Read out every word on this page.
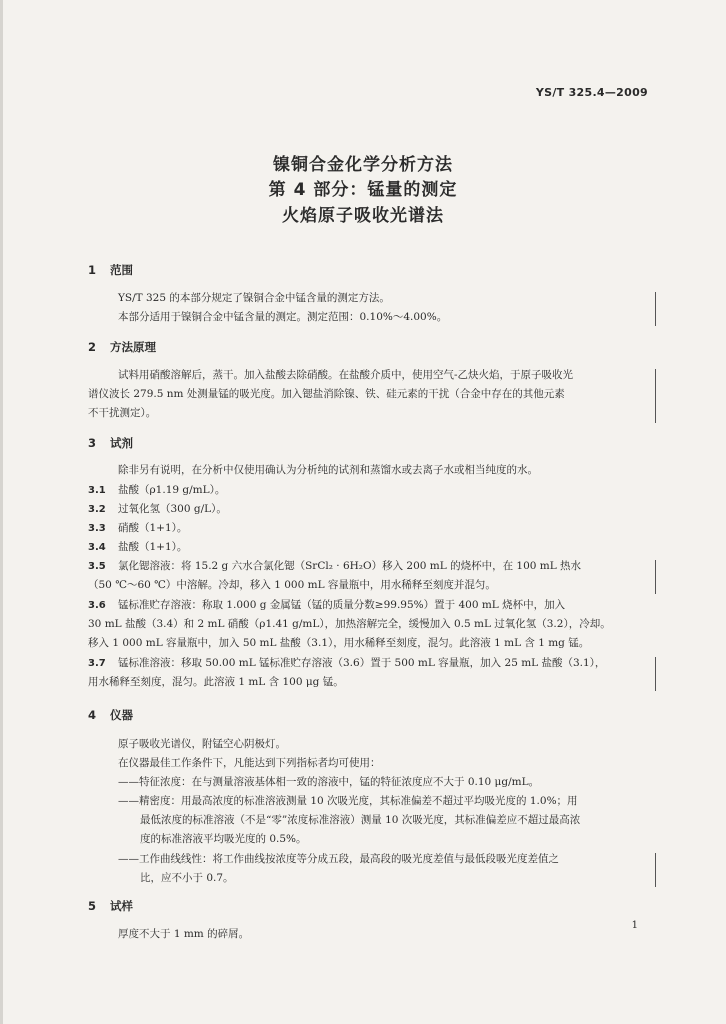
YS/T 325.4—2009
镍铜合金化学分析方法
第 4 部分：锰量的测定
火焰原子吸收光谱法
1 范围
YS/T 325 的本部分规定了镍铜合金中锰含量的测定方法。
本部分适用于镍铜合金中锰含量的测定。测定范围：0.10%～4.00%。
2 方法原理
试料用硝酸溶解后，蒸干。加入盐酸去除硝酸。在盐酸介质中，使用空气-乙炔火焰，于原子吸收光
谱仪波长 279.5 nm 处测量锰的吸光度。加入锶盐消除镍、铁、硅元素的干扰（合金中存在的其他元素
不干扰测定）。
3 试剂
除非另有说明，在分析中仅使用确认为分析纯的试剂和蒸馏水或去离子水或相当纯度的水。
3.1 盐酸（ρ1.19 g/mL）。
3.2 过氧化氢（300 g/L）。
3.3 硝酸（1+1）。
3.4 盐酸（1+1）。
3.5 氯化锶溶液：将 15.2 g 六水合氯化锶（SrCl₂ · 6H₂O）移入 200 mL 的烧杯中，在 100 mL 热水
（50 ℃～60 ℃）中溶解。冷却，移入 1 000 mL 容量瓶中，用水稀释至刻度并混匀。
3.6 锰标准贮存溶液：称取 1.000 g 金属锰（锰的质量分数≥99.95%）置于 400 mL 烧杯中，加入
30 mL 盐酸（3.4）和 2 mL 硝酸（ρ1.41 g/mL），加热溶解完全，缓慢加入 0.5 mL 过氧化氢（3.2），冷却。
移入 1 000 mL 容量瓶中，加入 50 mL 盐酸（3.1），用水稀释至刻度，混匀。此溶液 1 mL 含 1 mg 锰。
3.7 锰标准溶液：移取 50.00 mL 锰标准贮存溶液（3.6）置于 500 mL 容量瓶，加入 25 mL 盐酸（3.1），
用水稀释至刻度，混匀。此溶液 1 mL 含 100 μg 锰。
4 仪器
原子吸收光谱仪，附锰空心阴极灯。
在仪器最佳工作条件下，凡能达到下列指标者均可使用：
——特征浓度：在与测量溶液基体相一致的溶液中，锰的特征浓度应不大于 0.10 μg/mL。
——精密度：用最高浓度的标准溶液测量 10 次吸光度，其标准偏差不超过平均吸光度的 1.0%；用
最低浓度的标准溶液（不是“零”浓度标准溶液）测量 10 次吸光度，其标准偏差应不超过最高浓
度的标准溶液平均吸光度的 0.5%。
——工作曲线线性：将工作曲线按浓度等分成五段，最高段的吸光度差值与最低段吸光度差值之
比，应不小于 0.7。
5 试样
厚度不大于 1 mm 的碎屑。
1
